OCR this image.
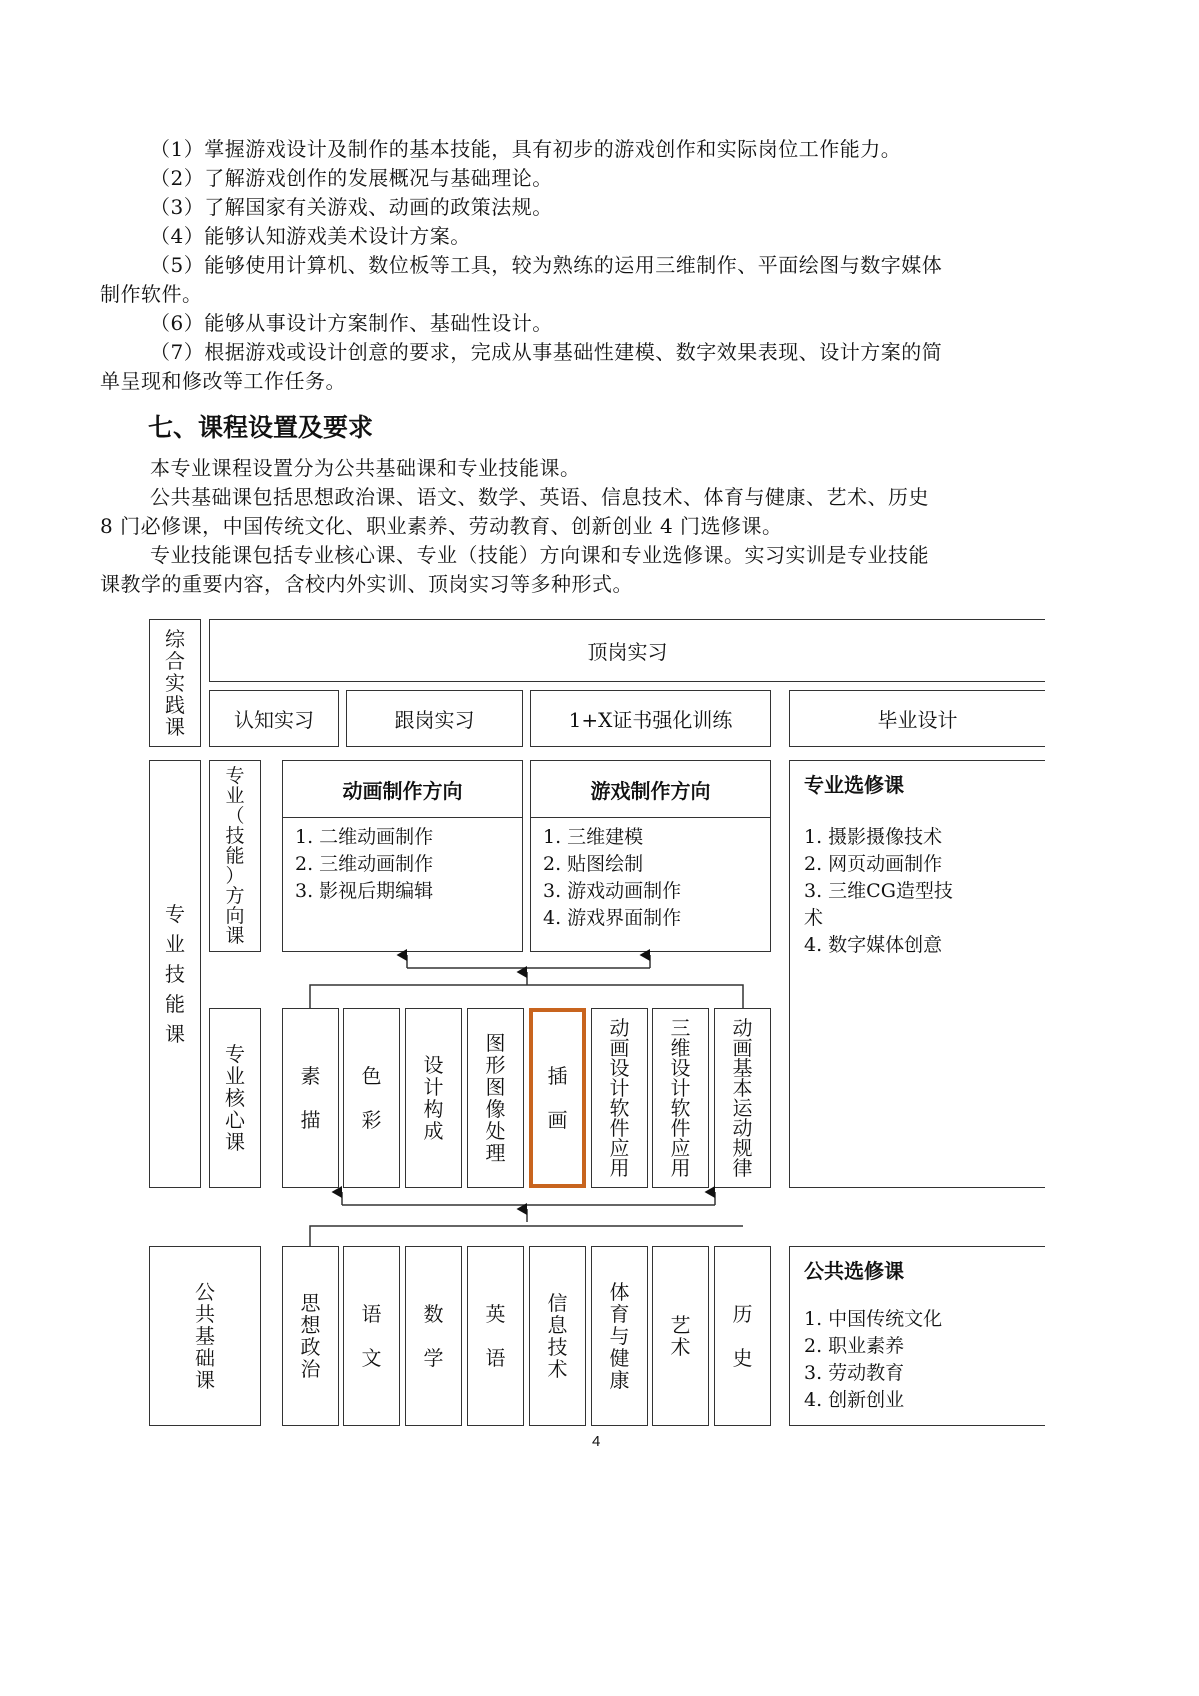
（1）掌握游戏设计及制作的基本技能，具有初步的游戏创作和实际岗位工作能力。
（2）了解游戏创作的发展概况与基础理论。
（3）了解国家有关游戏、动画的政策法规。
（4）能够认知游戏美术设计方案。
（5）能够使用计算机、数位板等工具，较为熟练的运用三维制作、平面绘图与数字媒体
制作软件。
（6）能够从事设计方案制作、基础性设计。
（7）根据游戏或设计创意的要求，完成从事基础性建模、数字效果表现、设计方案的简
单呈现和修改等工作任务。
七、课程设置及要求
本专业课程设置分为公共基础课和专业技能课。
公共基础课包括思想政治课、语文、数学、英语、信息技术、体育与健康、艺术、历史
8 门必修课，中国传统文化、职业素养、劳动教育、创新创业 4 门选修课。
专业技能课包括专业核心课、专业（技能）方向课和专业选修课。实习实训是专业技能
课教学的重要内容，含校内外实训、顶岗实习等多种形式。
综
合
实
践
课
顶岗实习
认知实习	跟岗实习	1+X证书强化训练	毕业设计
专
业
技
能
课
专
业
（
技
能
）
方
向
课
动画制作方向
1. 二维动画制作
2. 三维动画制作
3. 影视后期编辑
游戏制作方向
1. 三维建模
2. 贴图绘制
3. 游戏动画制作
4. 游戏界面制作
专业选修课
1. 摄影摄像技术
2. 网页动画制作
3. 三维CG造型技
术
4. 数字媒体创意
专
业
核
心
课
素

描
色

彩
设
计
构
成
图
形
图
像
处
理
插

画
动
画
设
计
软
件
应
用
三
维
设
计
软
件
应
用
动
画
基
本
运
动
规
律
公
共
基
础
课
思
想
政
治
语

文
数

学
英

语
信
息
技
术
体
育
与
健
康
艺
术
历

史
公共选修课
1. 中国传统文化
2. 职业素养
3. 劳动教育
4. 创新创业
4
